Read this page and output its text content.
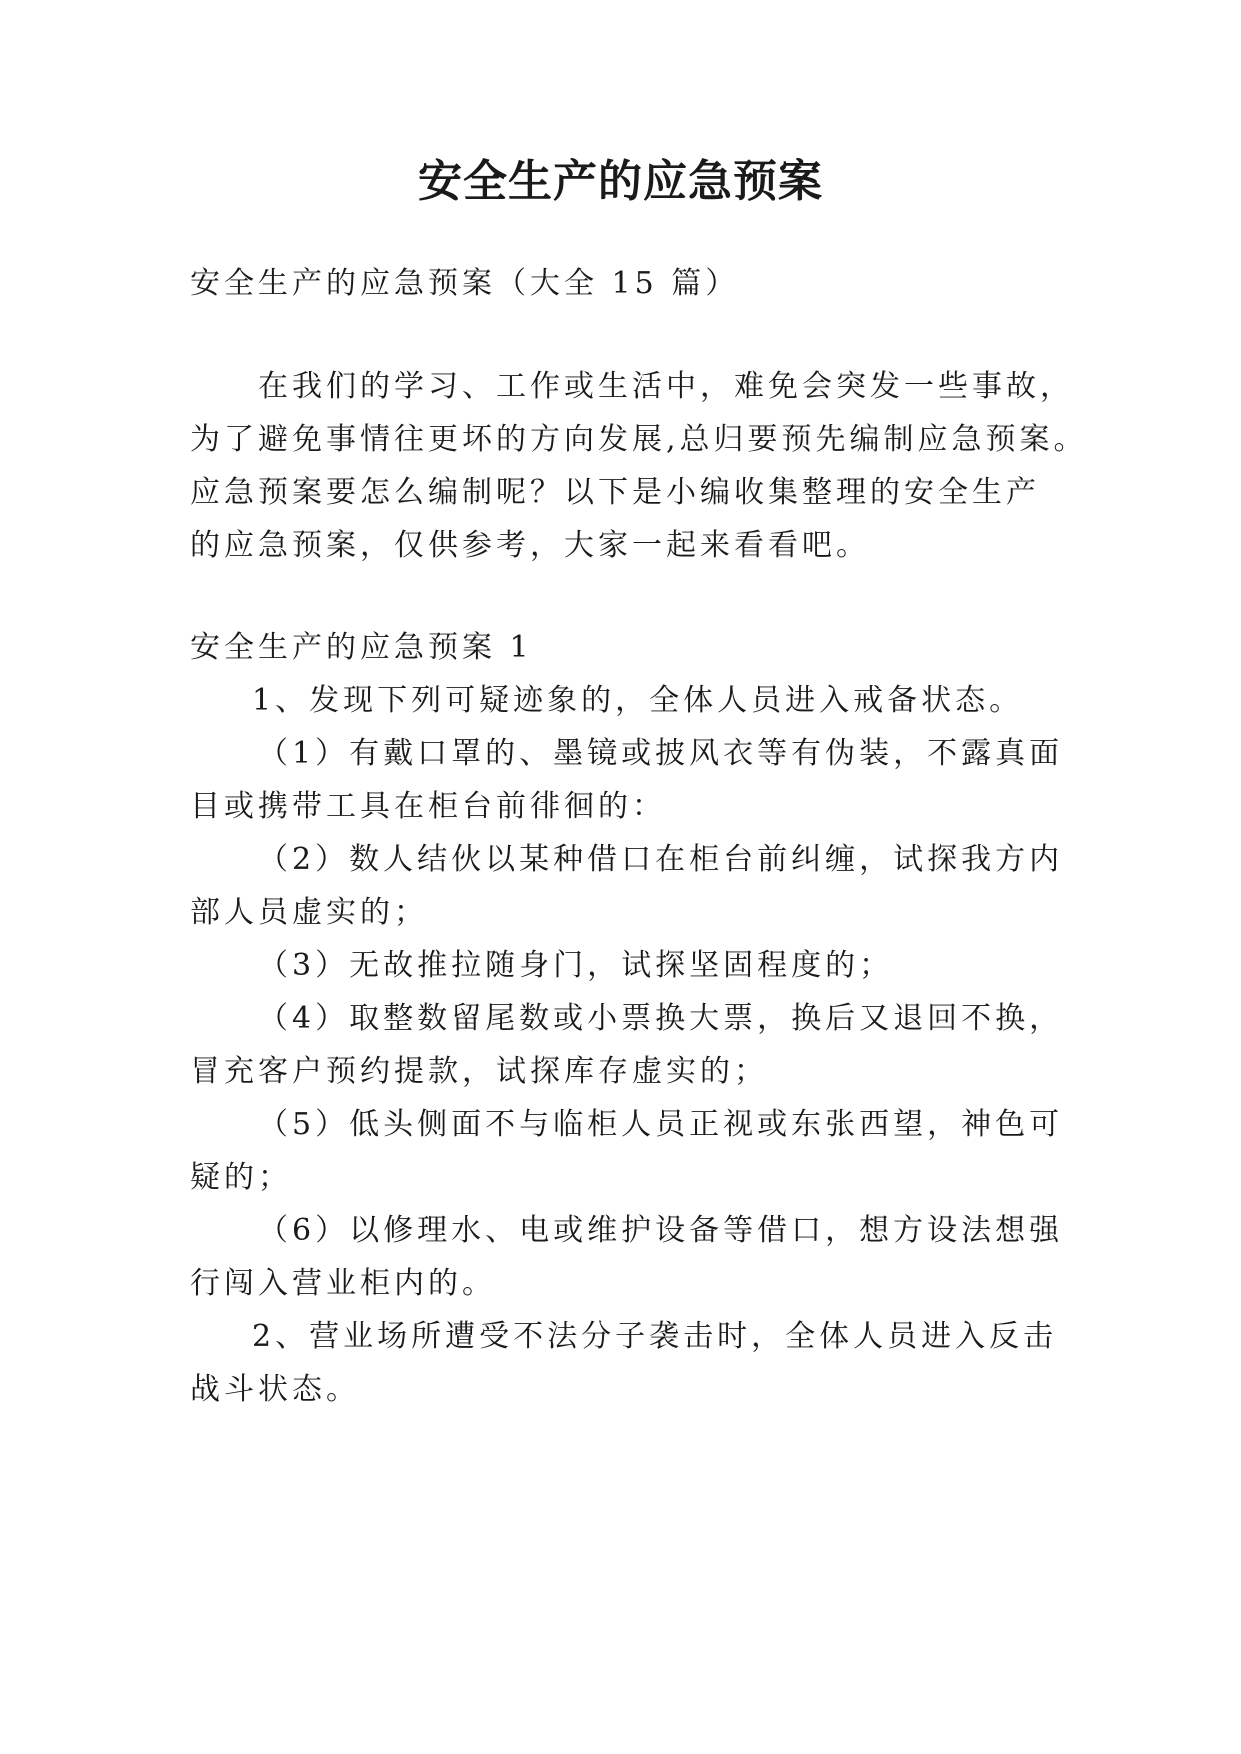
安全生产的应急预案

安全生产的应急预案（大全 15 篇）

在我们的学习、工作或生活中，难免会突发一些事故，

为了避免事情往更坏的方向发展,总归要预先编制应急预案。

应急预案要怎么编制呢？以下是小编收集整理的安全生产

的应急预案，仅供参考，大家一起来看看吧。

安全生产的应急预案 1

1、发现下列可疑迹象的，全体人员进入戒备状态。

（1）有戴口罩的、墨镜或披风衣等有伪装，不露真面

目或携带工具在柜台前徘徊的：

（2）数人结伙以某种借口在柜台前纠缠，试探我方内

部人员虚实的；

（3）无故推拉随身门，试探坚固程度的；

（4）取整数留尾数或小票换大票，换后又退回不换，

冒充客户预约提款，试探库存虚实的；

（5）低头侧面不与临柜人员正视或东张西望，神色可

疑的；

（6）以修理水、电或维护设备等借口，想方设法想强

行闯入营业柜内的。

2、营业场所遭受不法分子袭击时，全体人员进入反击

战斗状态。
